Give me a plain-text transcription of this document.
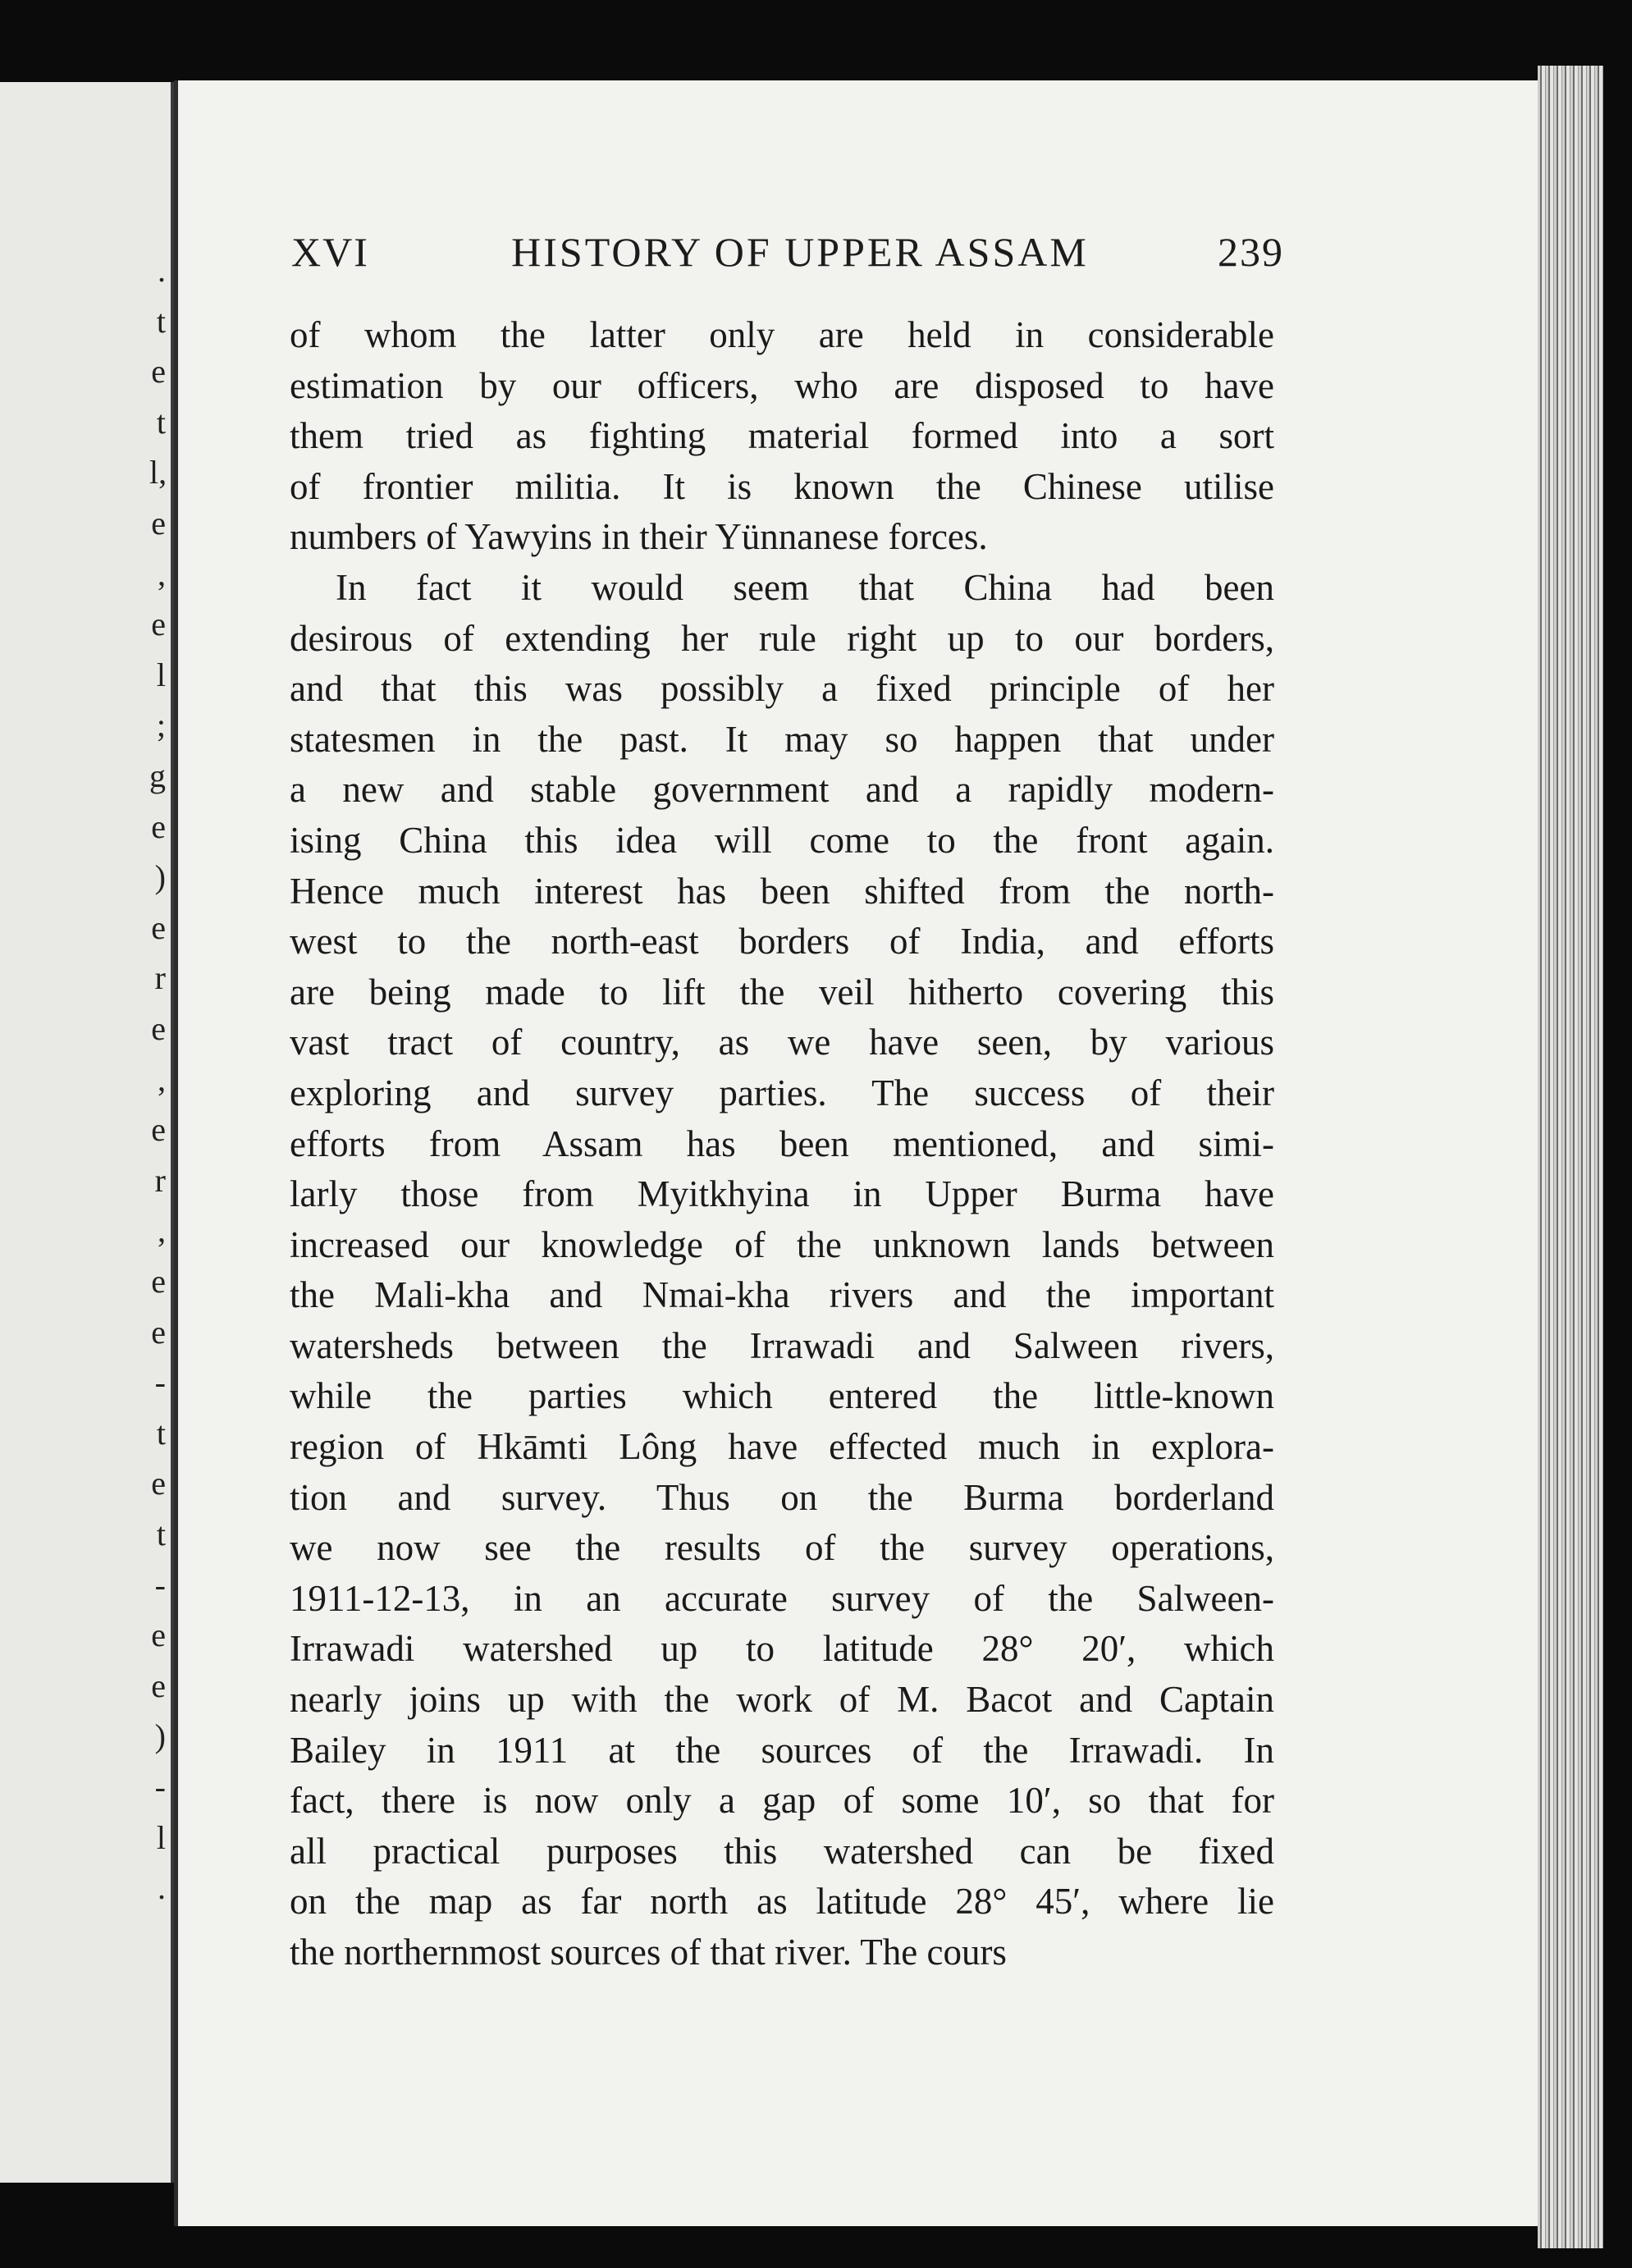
.
t
e
t
l,
e
,
e
l
;
g
e
)
e
r
e
,
e
r
,
e
e
-
t
e
t
-
e
e
)
-
l
.
XVI	HISTORY OF UPPER ASSAM	239
of whom the latter only are held in considerable
estimation by our officers, who are disposed to have
them tried as fighting material formed into a sort
of frontier militia. It is known the Chinese utilise
numbers of Yawyins in their Yünnanese forces.
In fact it would seem that China had been
desirous of extending her rule right up to our borders,
and that this was possibly a fixed principle of her
statesmen in the past. It may so happen that under
a new and stable government and a rapidly modern-
ising China this idea will come to the front again.
Hence much interest has been shifted from the north-
west to the north-east borders of India, and efforts
are being made to lift the veil hitherto covering this
vast tract of country, as we have seen, by various
exploring and survey parties. The success of their
efforts from Assam has been mentioned, and simi-
larly those from Myitkhyina in Upper Burma have
increased our knowledge of the unknown lands between
the Mali-kha and Nmai-kha rivers and the important
watersheds between the Irrawadi and Salween rivers,
while the parties which entered the little-known
region of Hkāmti Lông have effected much in explora-
tion and survey. Thus on the Burma borderland
we now see the results of the survey operations,
1911-12-13, in an accurate survey of the Salween-
Irrawadi watershed up to latitude 28° 20′, which
nearly joins up with the work of M. Bacot and Captain
Bailey in 1911 at the sources of the Irrawadi. In
fact, there is now only a gap of some 10′, so that for
all practical purposes this watershed can be fixed
on the map as far north as latitude 28° 45′, where lie
the northernmost sources of that river. The cours
